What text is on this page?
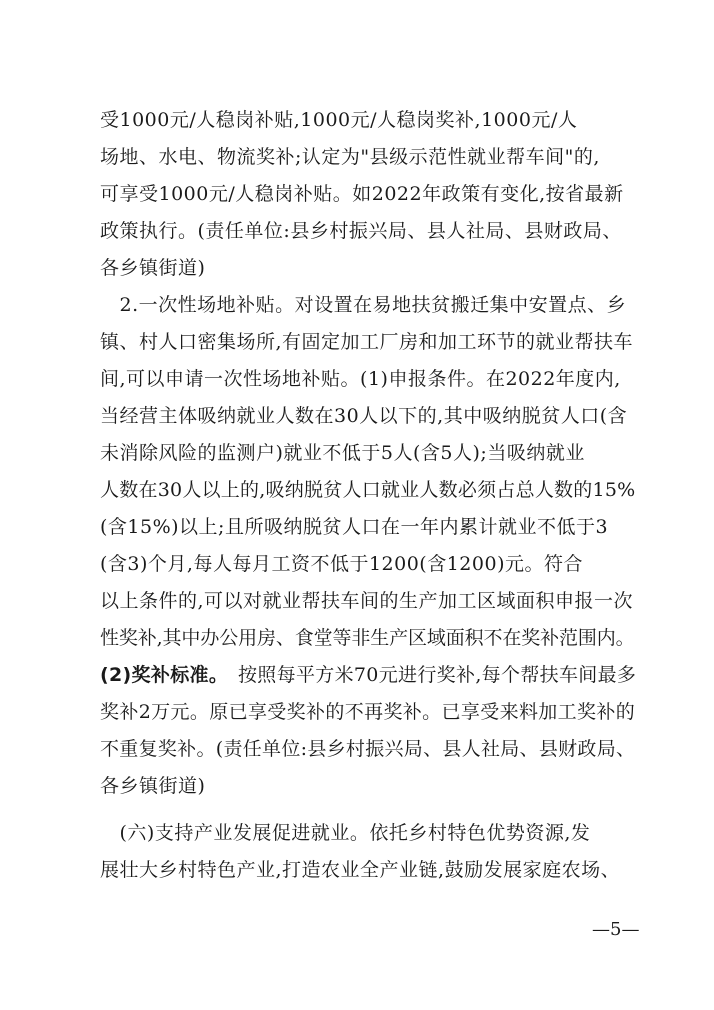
受1000元/人稳岗补贴,1000元/人稳岗奖补,1000元/人
场地、水电、物流奖补;认定为"县级示范性就业帮车间"的,
可享受1000元/人稳岗补贴。如2022年政策有变化,按省最新
政策执行。(责任单位:县乡村振兴局、县人社局、县财政局、
各乡镇街道)
　2.一次性场地补贴。对设置在易地扶贫搬迁集中安置点、乡
镇、村人口密集场所,有固定加工厂房和加工环节的就业帮扶车
间,可以申请一次性场地补贴。(1)申报条件。在2022年度内,
当经营主体吸纳就业人数在30人以下的,其中吸纳脱贫人口(含
未消除风险的监测户)就业不低于5人(含5人);当吸纳就业
人数在30人以上的,吸纳脱贫人口就业人数必须占总人数的15%
(含15%)以上;且所吸纳脱贫人口在一年内累计就业不低于3
(含3)个月,每人每月工资不低于1200(含1200)元。符合
以上条件的,可以对就业帮扶车间的生产加工区域面积申报一次
性奖补,其中办公用房、食堂等非生产区域面积不在奖补范围内。
(2)奖补标准。　按照每平方米70元进行奖补,每个帮扶车间最多
奖补2万元。原已享受奖补的不再奖补。已享受来料加工奖补的
不重复奖补。(责任单位:县乡村振兴局、县人社局、县财政局、
各乡镇街道)
　(六)支持产业发展促进就业。依托乡村特色优势资源,发
展壮大乡村特色产业,打造农业全产业链,鼓励发展家庭农场、
—5—
